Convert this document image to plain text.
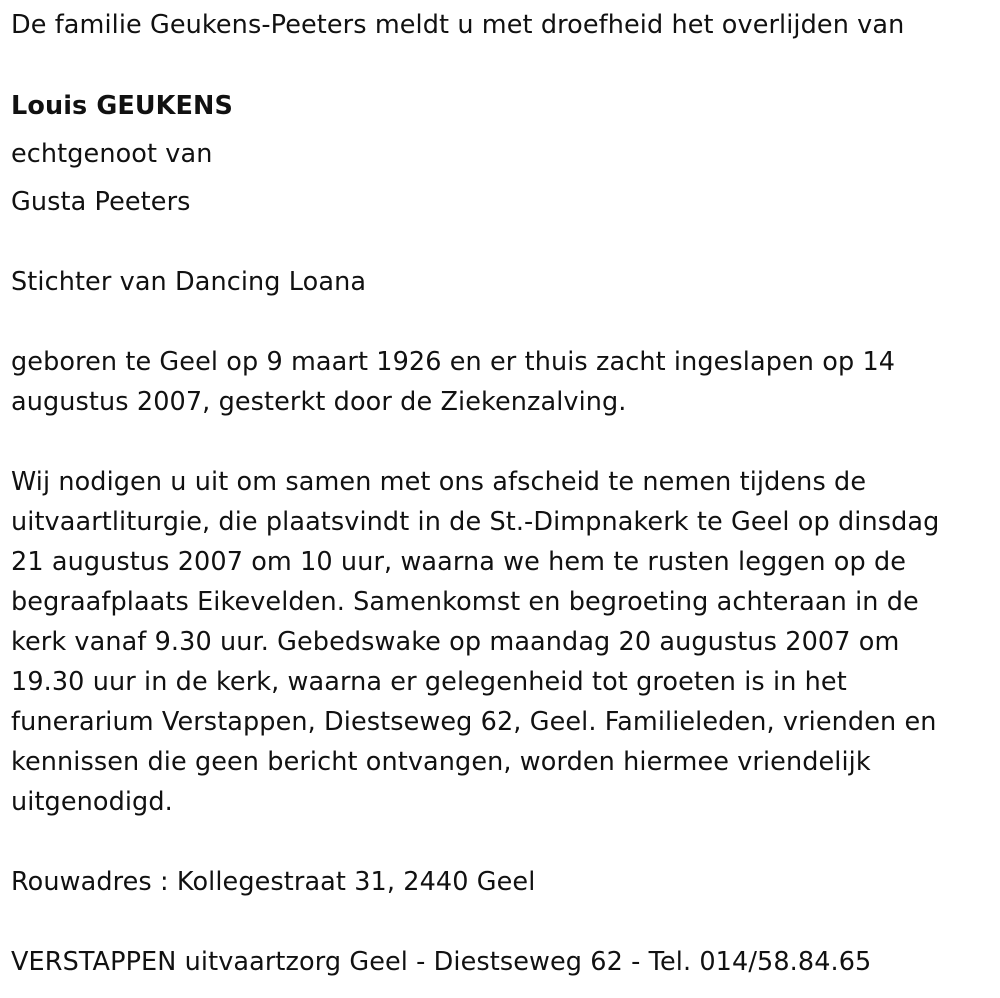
De familie Geukens-Peeters meldt u met droefheid het overlijden van
Louis GEUKENS
echtgenoot van
Gusta Peeters
Stichter van Dancing Loana
geboren te Geel op 9 maart 1926 en er thuis zacht ingeslapen op 14
augustus 2007, gesterkt door de Ziekenzalving.
Wij nodigen u uit om samen met ons afscheid te nemen tijdens de
uitvaartliturgie, die plaatsvindt in de St.-Dimpnakerk te Geel op dinsdag
21 augustus 2007 om 10 uur, waarna we hem te rusten leggen op de
begraafplaats Eikevelden. Samenkomst en begroeting achteraan in de
kerk vanaf 9.30 uur. Gebedswake op maandag 20 augustus 2007 om
19.30 uur in de kerk, waarna er gelegenheid tot groeten is in het
funerarium Verstappen, Diestseweg 62, Geel. Familieleden, vrienden en
kennissen die geen bericht ontvangen, worden hiermee vriendelijk
uitgenodigd.
Rouwadres : Kollegestraat 31, 2440 Geel
VERSTAPPEN uitvaartzorg Geel - Diestseweg 62 - Tel. 014/58.84.65
